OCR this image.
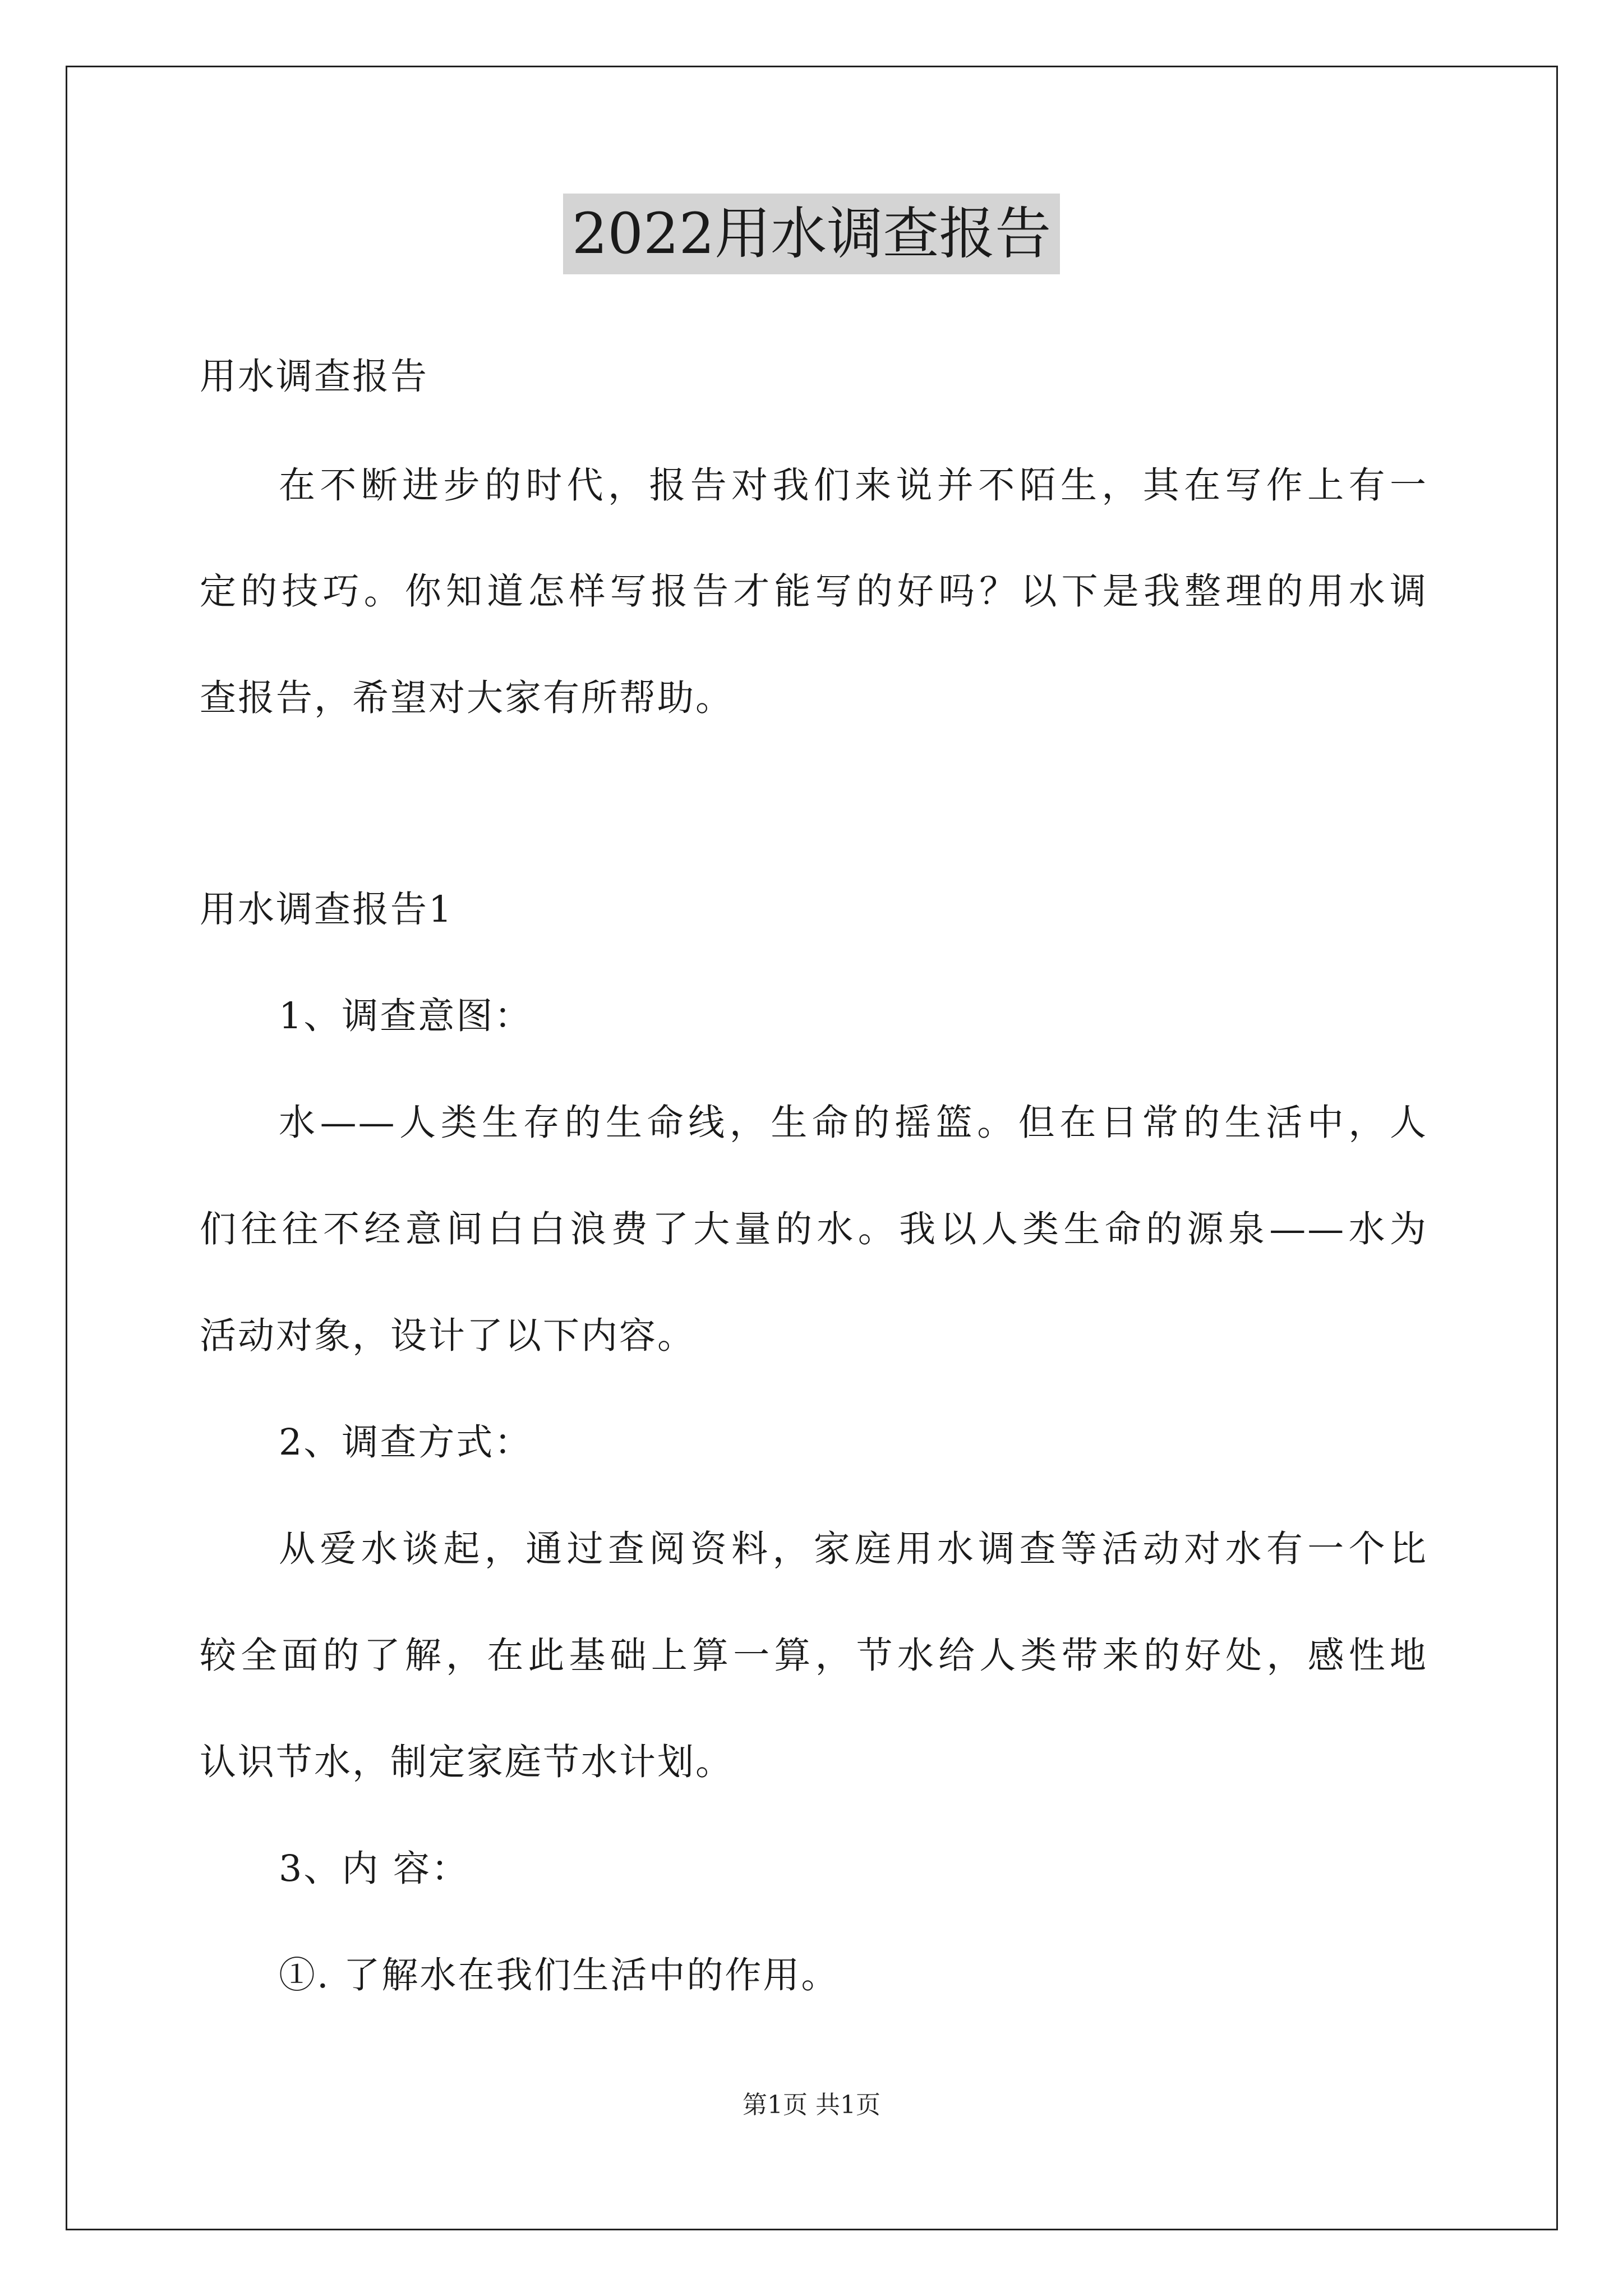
2022用水调查报告
用水调查报告
在不断进步的时代，报告对我们来说并不陌生，其在写作上有一
定的技巧。你知道怎样写报告才能写的好吗？以下是我整理的用水调
查报告，希望对大家有所帮助。
用水调查报告1
1、调查意图：
水——人类生存的生命线，生命的摇篮。但在日常的生活中，人
们往往不经意间白白浪费了大量的水。我以人类生命的源泉——水为
活动对象，设计了以下内容。
2、调查方式：
从爱水谈起，通过查阅资料，家庭用水调查等活动对水有一个比
较全面的了解，在此基础上算一算，节水给人类带来的好处，感性地
认识节水，制定家庭节水计划。
3、内 容：
①. 了解水在我们生活中的作用。
第1页 共1页
